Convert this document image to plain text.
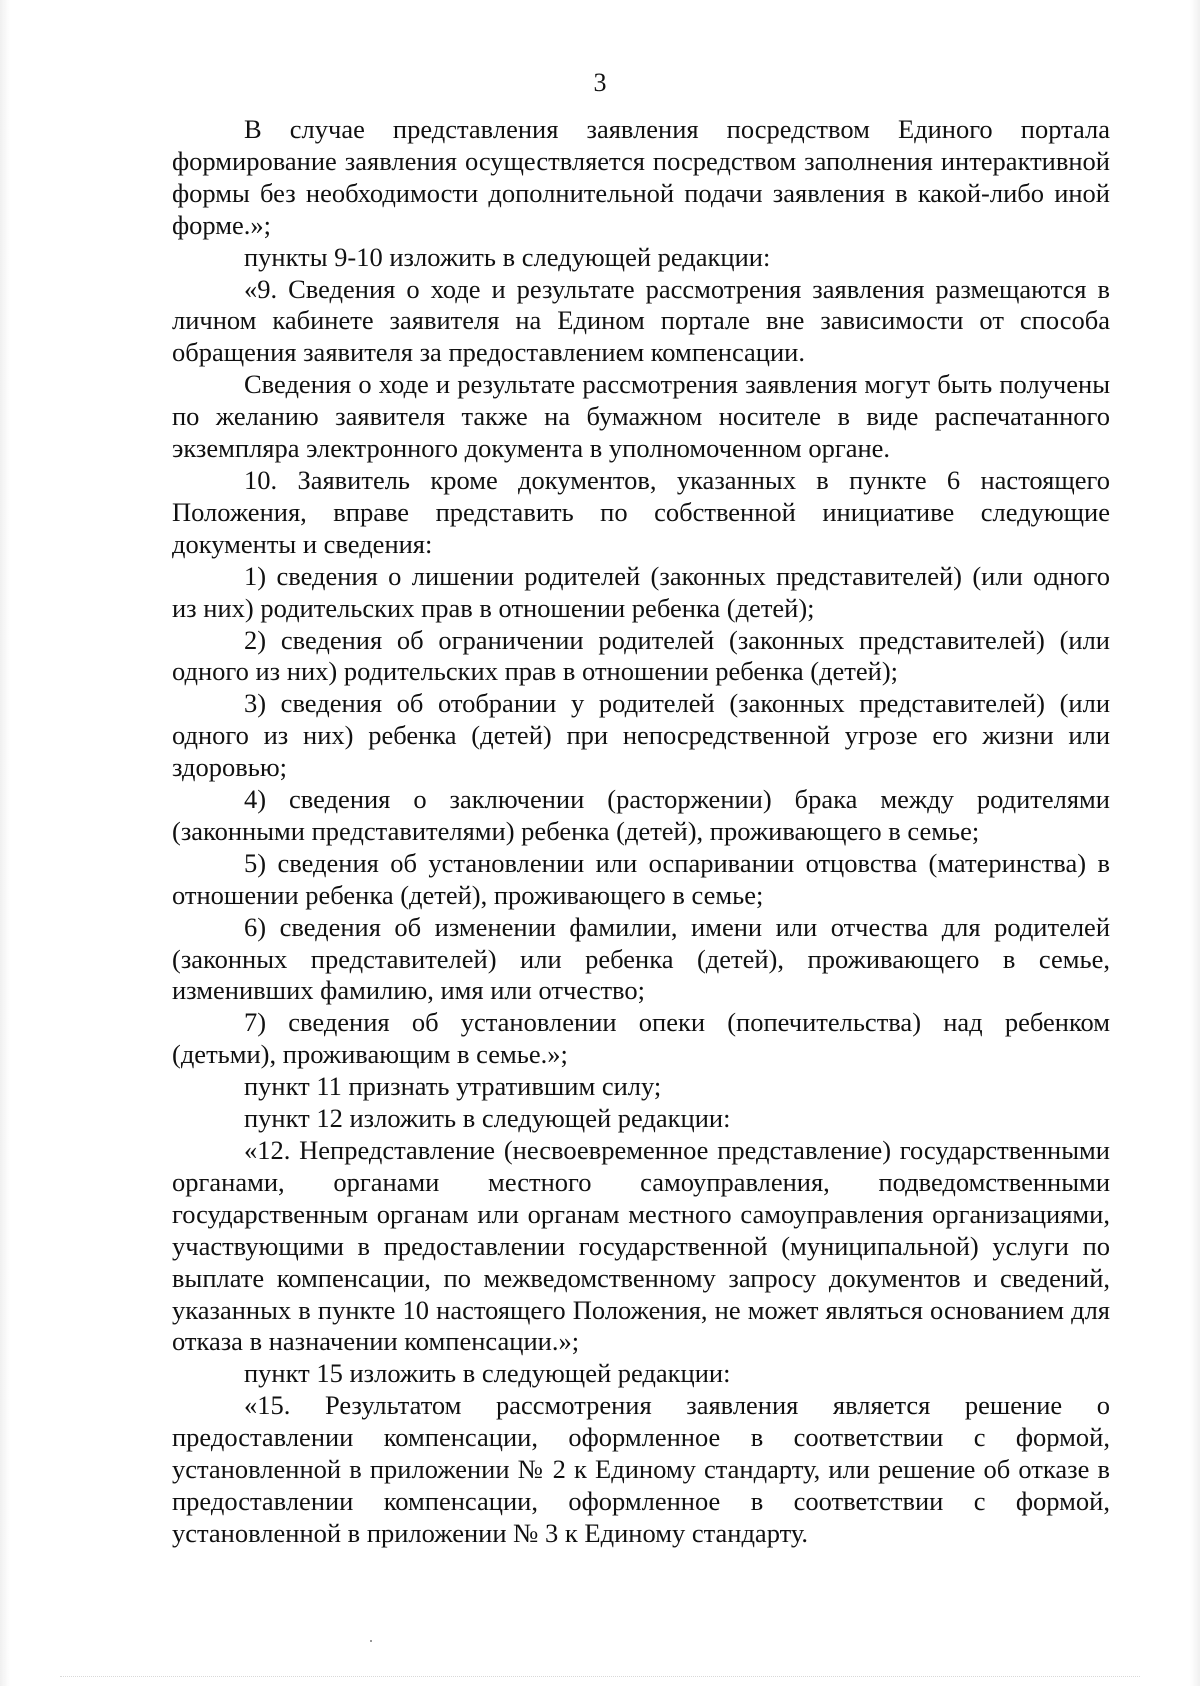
3

В случае представления заявления посредством Единого портала формирование заявления осуществляется посредством заполнения интерактивной формы без необходимости дополнительной подачи заявления в какой-либо иной форме.»;

пункты 9-10 изложить в следующей редакции:

«9. Сведения о ходе и результате рассмотрения заявления размещаются в личном кабинете заявителя на Едином портале вне зависимости от способа обращения заявителя за предоставлением компенсации.

Сведения о ходе и результате рассмотрения заявления могут быть получены по желанию заявителя также на бумажном носителе в виде распечатанного экземпляра электронного документа в уполномоченном органе.

10. Заявитель кроме документов, указанных в пункте 6 настоящего Положения, вправе представить по собственной инициативе следующие документы и сведения:

1) сведения о лишении родителей (законных представителей) (или одного из них) родительских прав в отношении ребенка (детей);

2) сведения об ограничении родителей (законных представителей) (или одного из них) родительских прав в отношении ребенка (детей);

3) сведения об отобрании у родителей (законных представителей) (или одного из них) ребенка (детей) при непосредственной угрозе его жизни или здоровью;

4) сведения о заключении (расторжении) брака между родителями (законными представителями) ребенка (детей), проживающего в семье;

5) сведения об установлении или оспаривании отцовства (материнства) в отношении ребенка (детей), проживающего в семье;

6) сведения об изменении фамилии, имени или отчества для родителей (законных представителей) или ребенка (детей), проживающего в семье, изменивших фамилию, имя или отчество;

7) сведения об установлении опеки (попечительства) над ребенком (детьми), проживающим в семье.»;

пункт 11 признать утратившим силу;

пункт 12 изложить в следующей редакции:

«12. Непредставление (несвоевременное представление) государственными органами, органами местного самоуправления, подведомственными государственным органам или органам местного самоуправления организациями, участвующими в предоставлении государственной (муниципальной) услуги по выплате компенсации, по межведомственному запросу документов и сведений, указанных в пункте 10 настоящего Положения, не может являться основанием для отказа в назначении компенсации.»;

пункт 15 изложить в следующей редакции:

«15. Результатом рассмотрения заявления является решение о предоставлении компенсации, оформленное в соответствии с формой, установленной в приложении № 2 к Единому стандарту, или решение об отказе в предоставлении компенсации, оформленное в соответствии с формой, установленной в приложении № 3 к Единому стандарту.
